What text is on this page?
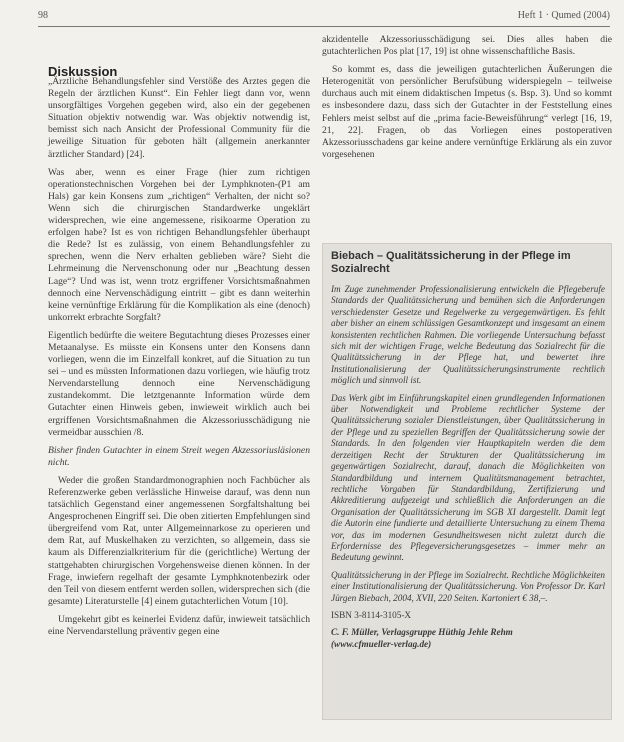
98	Heft 1 · Qumed (2004)
Diskussion

„Ärztliche Behandlungsfehler sind Verstöße des Arztes gegen die Regeln der ärztlichen Kunst“. Ein Fehler liegt dann vor, wenn unsorgfältiges Vorgehen gegeben wird, also ein der gegebenen Situation objektiv notwendig war. Was objektiv notwendig ist, bemisst sich nach Ansicht der Professional Community für die jeweilige Situation für geboten hält (allgemein anerkannter ärztlicher Standard) [24].

Was aber, wenn es einer Frage (hier zum richtigen operationstechnischen Vorgehen bei der Lymphknoten-(P1 am Hals) gar kein Konsens zum „richtigen“ Verhalten, der nicht so? Wenn sich die chirurgischen Standardwerke ungeklärt widersprechen, wie eine angemessene, risikoarme Operation zu erfolgen habe? Ist es von richtigen Behandlungsfehler überhaupt die Rede? Ist es zulässig, von einem Behandlungsfehler zu sprechen, wenn die Nerv erhalten geblieben wäre? Sieht die Lehrmeinung die Nervenschonung oder nur „Beachtung dessen Lage“? Und was ist, wenn trotz ergriffener Vorsichtsmaßnahmen dennoch eine Nervenschädigung eintritt – gibt es dann weiterhin keine vernünftige Erklärung für die Komplikation als eine (denoch) unkorrekt erbrachte Sorgfalt?

Eigentlich bedürfte die weitere Begutachtung dieses Prozesses einer Metaanalyse. Es müsste ein Konsens unter den Konsens dann vorliegen, wenn die im Einzelfall konkret, auf die Situation zu tun sei – und es müssten Informationen dazu vorliegen, wie häufig trotz Nervendarstellung dennoch eine Nervenschädigung zustandekommt. Die letztgenannte Information würde dem Gutachter einen Hinweis geben, inwieweit wirklich auch bei ergriffenen Vorsichtsmaßnahmen die Akzessoriusschädigung nie vermeidbar ausschien /8.

Bisher finden Gutachter in einem Streit wegen Akzessoriusläsionen nicht.

Weder die großen Standardmonographien noch Fachbücher als Referenzwerke geben verlässliche Hinweise darauf, was denn nun tatsächlich Gegenstand einer angemessenen Sorgfaltshaltung bei Angesprochenen Eingriff sei. Die oben zitierten Empfehlungen sind übergreifend vom Rat, unter Allgemeinnarkose zu operieren und dem Rat, auf Muskelhaken zu verzichten, so allgemein, dass sie kaum als Differenzialkriterium für die (gerichtliche) Wertung der stattgehabten chirurgischen Vorgehensweise dienen können. In der Frage, inwiefern regelhaft der gesamte Lymphknotenbezirk oder den Teil von diesem entfernt werden sollen, widersprechen sich (die gesamte) Literaturstelle [4] einem gutachterlichen Votum [10].

Umgekehrt gibt es keinerlei Evidenz dafür, inwieweit tatsächlich eine Nervendarstellung präventiv gegen eine

akzidentelle Akzessoriusschädigung sei. Dies alles haben die gutachterlichen Pos plat [17, 19] ist ohne wissenschaftliche Basis.

So kommt es, dass die jeweiligen gutachterlichen Äußerungen die Heterogenität von persönlicher Berufsübung widerspiegeln – teilweise durchaus auch mit einem didaktischen Impetus (s. Bsp. 3). Und so kommt es insbesondere dazu, dass sich der Gutachter in der Feststellung eines Fehlers meist selbst auf die „prima facie-Beweisführung“ verlegt [16, 19, 21, 22]. Fragen, ob das Vorliegen eines postoperativen Akzessoriusschadens gar keine andere vernünftige Erklärung als ein zuvor vorgesehenen

Biebach – Qualitätssicherung in der Pflege im Sozialrecht

Im Zuge zunehmender Professionalisierung entwickeln die Pflegeberufe Standards der Qualitätssicherung und bemühen sich die Anforderungen verschiedenster Gesetze und Regelwerke zu vergegenwärtigen. Es fehlt aber bisher an einem schlüssigen Gesamtkonzept und insgesamt an einem konsistenten rechtlichen Rahmen. Die vorliegende Untersuchung befasst sich mit der wichtigen Frage, welche Bedeutung das Sozialrecht für die Qualitätssicherung in der Pflege hat, und bewertet ihre Institutionalisierung der Qualitätssicherungsinstrumente rechtlich möglich und sinnvoll ist.

Das Werk gibt im Einführungskapitel einen grundlegenden Informationen über Notwendigkeit und Probleme rechtlicher Systeme der Qualitätssicherung sozialer Dienstleistungen, über Qualitätssicherung in der Pflege und zu speziellen Begriffen der Qualitätssicherung sowie der Standards. In den folgenden vier Hauptkapiteln werden die dem derzeitigen Recht der Strukturen der Qualitätssicherung im gegenwärtigen Sozialrecht, darauf, danach die Möglichkeiten von Standardbildung und internem Qualitätsmanagement betrachtet, rechtliche Vorgaben für Standardbildung, Zertifizierung und Akkreditierung aufgezeigt und schließlich die Anforderungen an die Organisation der Qualitätssicherung im SGB XI dargestellt. Damit legt die Autorin eine fundierte und detaillierte Untersuchung zu einem Thema vor, das im modernen Gesundheitswesen nicht zuletzt durch die Erfordernisse des Pflegeversicherungsgesetzes – immer mehr an Bedeutung gewinnt.

Qualitätssicherung in der Pflege im Sozialrecht. Rechtliche Möglichkeiten einer Institutionalisierung der Qualitätssicherung. Von Professor Dr. Karl Jürgen Biebach, 2004, XVII, 220 Seiten. Kartoniert € 38,–.

ISBN 3-8114-3105-X

C. F. Müller, Verlagsgruppe Hüthig Jehle Rehm
(www.cfmueller-verlag.de)
